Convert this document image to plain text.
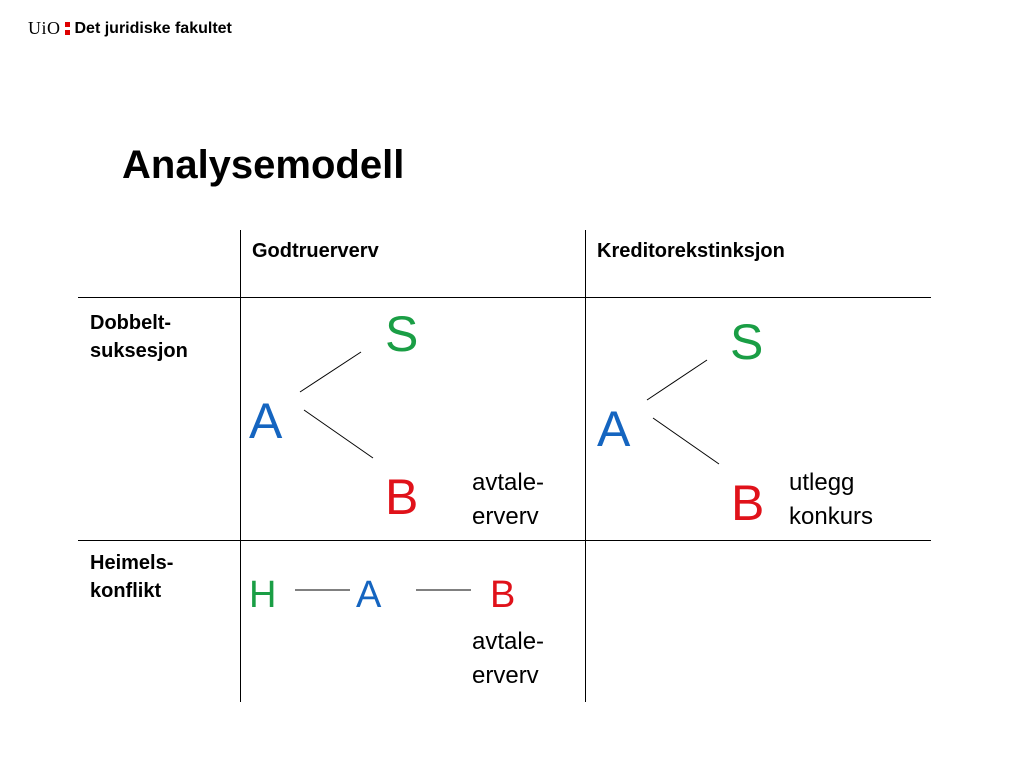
UiO Det juridiske fakultet
Analysemodell
Godtruerverv	Kreditorekstinksjon
Dobbelt-
suksesjon
Heimels-
konflikt
S
A
B avtale-
erverv
S
A
B utlegg
konkurs
H A	B
avtale-
erverv
